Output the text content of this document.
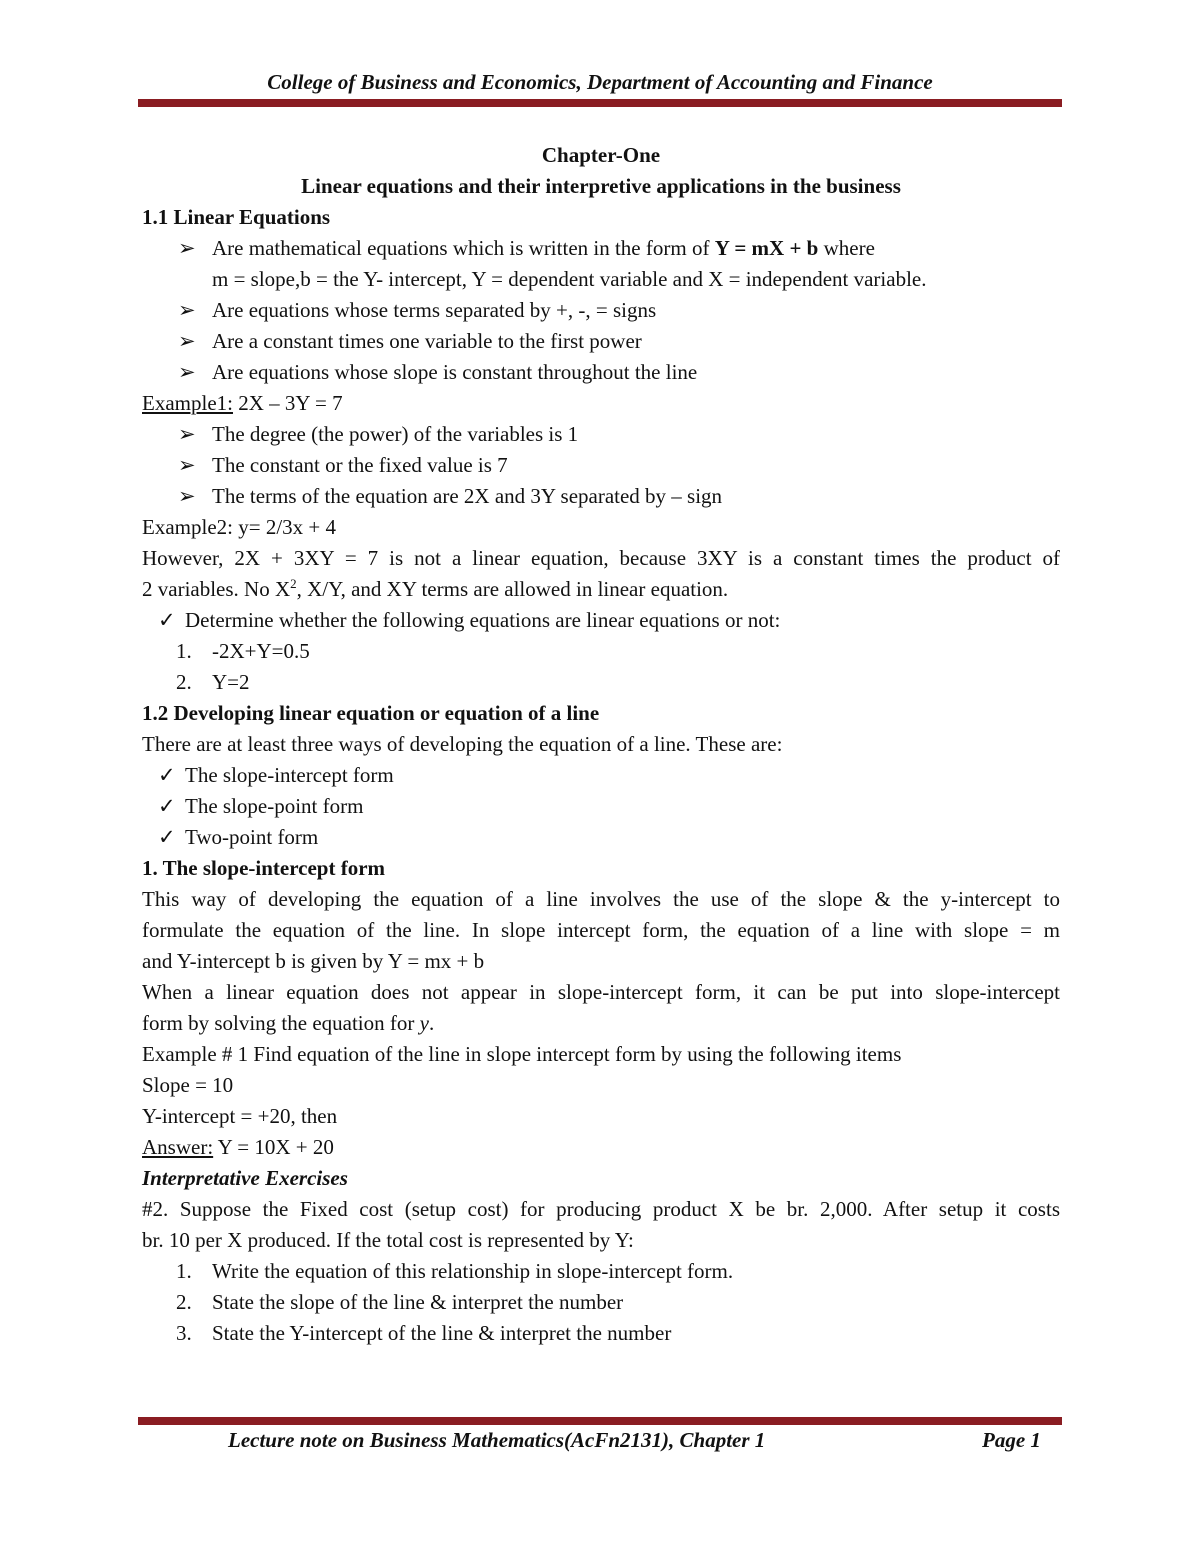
College of Business and Economics, Department of Accounting and Finance
Chapter-One
Linear equations and their interpretive applications in the business
1.1 Linear Equations
➢ Are mathematical equations which is written in the form of Y = mX + b where
m = slope,b = the Y- intercept, Y = dependent variable and X = independent variable.
➢ Are equations whose terms separated by +, -, = signs
➢ Are a constant times one variable to the first power
➢ Are equations whose slope is constant throughout the line
Example1: 2X – 3Y = 7
➢ The degree (the power) of the variables is 1
➢ The constant or the fixed value is 7
➢ The terms of the equation are 2X and 3Y separated by – sign
Example2: y= 2/3x + 4
However, 2X + 3XY = 7 is not a linear equation, because 3XY is a constant times the product of
2 variables. No $X^2$, X/Y, and XY terms are allowed in linear equation.
✓ Determine whether the following equations are linear equations or not:
1. -2X+Y=0.5
2. Y=2
1.2 Developing linear equation or equation of a line
There are at least three ways of developing the equation of a line. These are:
✓ The slope-intercept form
✓ The slope-point form
✓ Two-point form
1. The slope-intercept form
This way of developing the equation of a line involves the use of the slope & the y-intercept to
formulate the equation of the line. In slope intercept form, the equation of a line with slope = m
and Y-intercept b is given by Y = mx + b
When a linear equation does not appear in slope-intercept form, it can be put into slope-intercept
form by solving the equation for y.
Example # 1 Find equation of the line in slope intercept form by using the following items
Slope = 10
Y-intercept = +20, then
Answer: Y = 10X + 20
Interpretative Exercises
#2. Suppose the Fixed cost (setup cost) for producing product X be br. 2,000. After setup it costs
br. 10 per X produced. If the total cost is represented by Y:
1. Write the equation of this relationship in slope-intercept form.
2. State the slope of the line & interpret the number
3. State the Y-intercept of the line & interpret the number
Lecture note on Business Mathematics(AcFn2131), Chapter 1	Page 1
